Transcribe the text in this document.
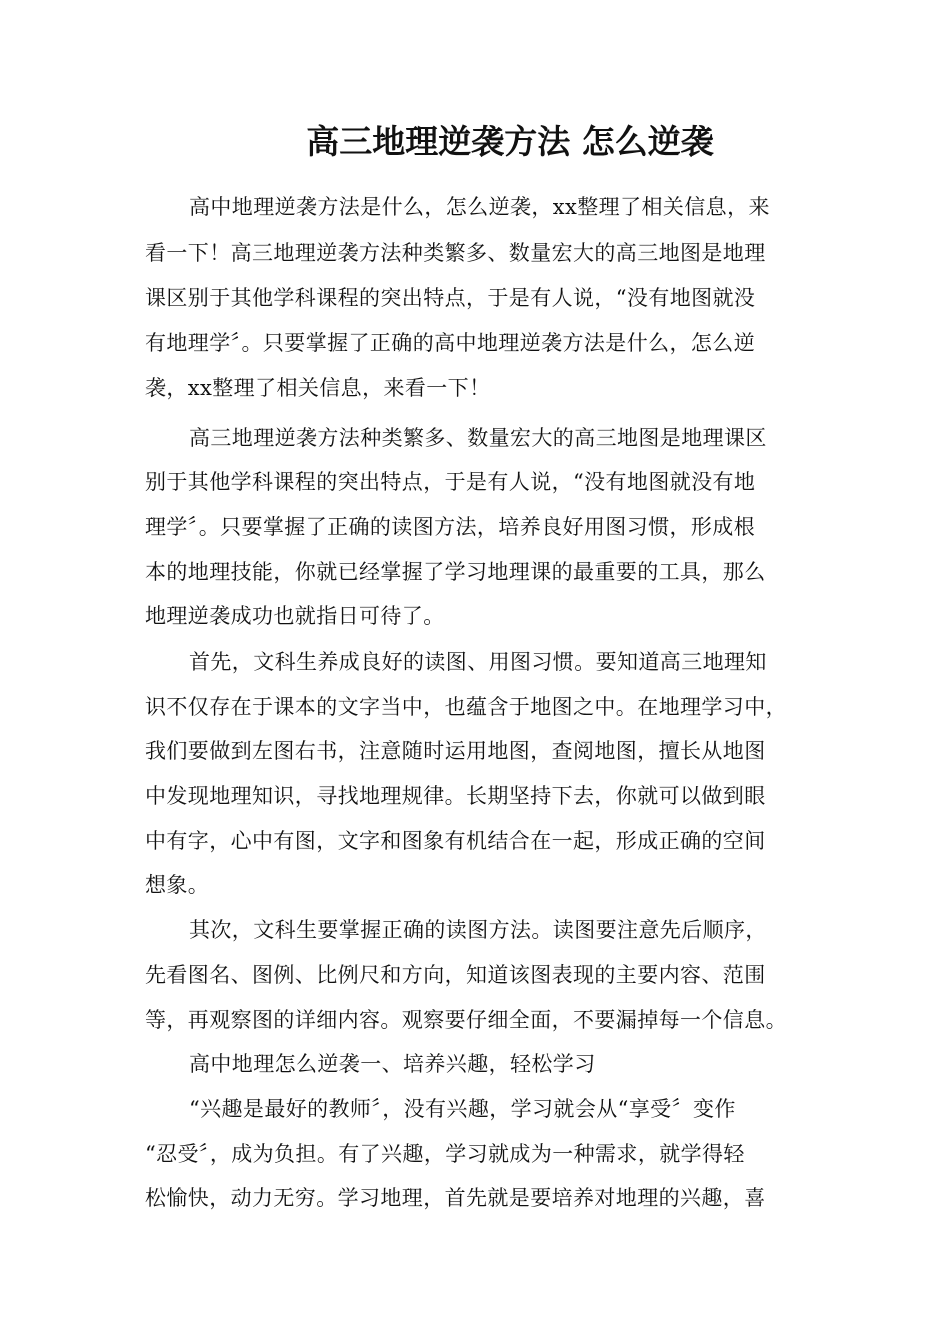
高三地理逆袭方法 怎么逆袭
高中地理逆袭方法是什么，怎么逆袭，xx整理了相关信息，来
看一下！高三地理逆袭方法种类繁多、数量宏大的高三地图是地理
课区别于其他学科课程的突出特点，于是有人说，“没有地图就没
有地理学〞。只要掌握了正确的高中地理逆袭方法是什么，怎么逆
袭，xx整理了相关信息，来看一下！
高三地理逆袭方法种类繁多、数量宏大的高三地图是地理课区
别于其他学科课程的突出特点，于是有人说，“没有地图就没有地
理学〞。只要掌握了正确的读图方法，培养良好用图习惯，形成根
本的地理技能，你就已经掌握了学习地理课的最重要的工具，那么
地理逆袭成功也就指日可待了。
首先，文科生养成良好的读图、用图习惯。要知道高三地理知
识不仅存在于课本的文字当中，也蕴含于地图之中。在地理学习中，
我们要做到左图右书，注意随时运用地图，查阅地图，擅长从地图
中发现地理知识，寻找地理规律。长期坚持下去，你就可以做到眼
中有字，心中有图，文字和图象有机结合在一起，形成正确的空间
想象。
其次，文科生要掌握正确的读图方法。读图要注意先后顺序，
先看图名、图例、比例尺和方向，知道该图表现的主要内容、范围
等，再观察图的详细内容。观察要仔细全面，不要漏掉每一个信息。
高中地理怎么逆袭一、培养兴趣，轻松学习
“兴趣是最好的教师〞，没有兴趣，学习就会从“享受〞变作
“忍受〞，成为负担。有了兴趣，学习就成为一种需求，就学得轻
松愉快，动力无穷。学习地理，首先就是要培养对地理的兴趣，喜
